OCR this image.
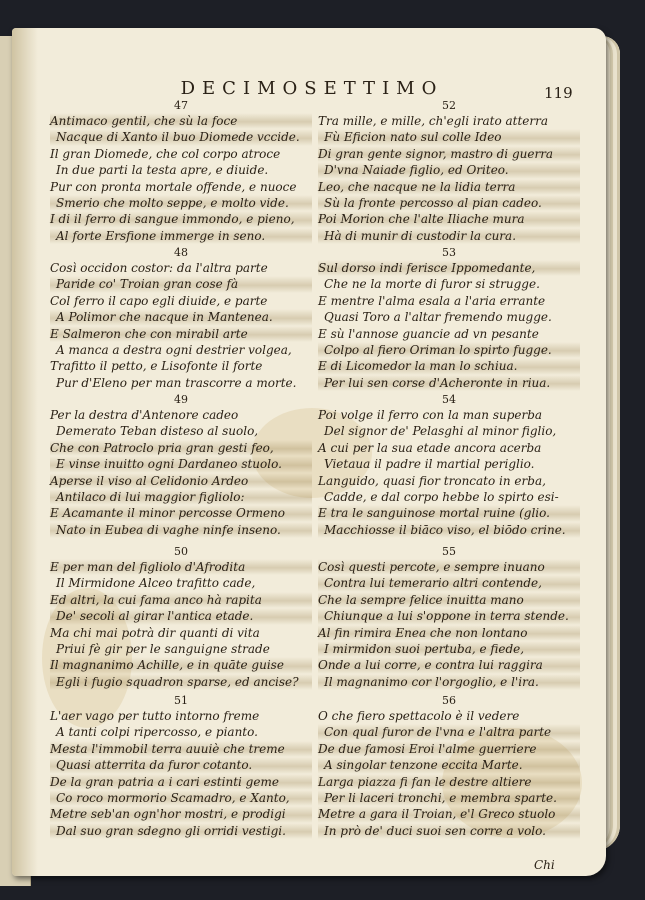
DECIMOSETTIMO	119
47
Antimaco gentil, che sù la foce
Nacque di Xanto il buo Diomede vccide.
Il gran Diomede, che col corpo atroce
In due parti la testa apre, e diuide.
Pur con pronta mortale offende, e nuoce
Smerio che molto seppe, e molto vide.
I di il ferro di sangue immondo, e pieno,
Al forte Ersfione immerge in seno.
48
Così occidon costor: da l'altra parte
Paride co' Troian gran cose fà
Col ferro il capo egli diuide, e parte
A Polimor che nacque in Mantenea.
E Salmeron che con mirabil arte
A manca a destra ogni destrier volgea,
Trafitto il petto, e Lisofonte il forte
Pur d'Eleno per man trascorre a morte.
49
Per la destra d'Antenore cadeo
Demerato Teban disteso al suolo,
Che con Patroclo pria gran gesti feo,
E vinse inuitto ogni Dardaneo stuolo.
Aperse il viso al Celidonio Ardeo
Antilaco di lui maggior figliolo:
E Acamante il minor percosse Ormeno
Nato in Eubea di vaghe ninfe inseno.
50
E per man del figliolo d'Afrodita
Il Mirmidone Alceo trafitto cade,
Ed altri, la cui fama anco hà rapita
De' secoli al girar l'antica etade.
Ma chi mai potrà dir quanti di vita
Priui fè gir per le sanguigne strade
Il magnanimo Achille, e in quāte guise
Egli i fugio squadron sparse, ed ancise?
51
L'aer vago per tutto intorno freme
A tanti colpi ripercosso, e pianto.
Mesta l'immobil terra auuiè che treme
Quasi atterrita da furor cotanto.
De la gran patria a i cari estinti geme
Co roco mormorio Scamadro, e Xanto,
Metre seb'an ogn'hor mostri, e prodigi
Dal suo gran sdegno gli orridi vestigi.
52
Tra mille, e mille, ch'egli irato atterra
Fù Eficion nato sul colle Ideo
Di gran gente signor, mastro di guerra
D'vna Naiade figlio, ed Oriteo.
Leo, che nacque ne la lidia terra
Sù la fronte percosso al pian cadeo.
Poi Morion che l'alte Iliache mura
Hà di munir di custodir la cura.
53
Sul dorso indi ferisce Ippomedante,
Che ne la morte di furor si strugge.
E mentre l'alma esala a l'aria errante
Quasi Toro a l'altar fremendo mugge.
E sù l'annose guancie ad vn pesante
Colpo al fiero Oriman lo spirto fugge.
E di Licomedor la man lo schiua.
Per lui sen corse d'Acheronte in riua.
54
Poi volge il ferro con la man superba
Del signor de' Pelasghi al minor figlio,
A cui per la sua etade ancora acerba
Vietaua il padre il martial periglio.
Languido, quasi fior troncato in erba,
Cadde, e dal corpo hebbe lo spirto esi-
E tra le sanguinose mortal ruine (glio.
Macchiosse il biāco viso, el biōdo crine.
55
Così questi percote, e sempre inuano
Contra lui temerario altri contende,
Che la sempre felice inuitta mano
Chiunque a lui s'oppone in terra stende.
Al fin rimira Enea che non lontano
I mirmidon suoi pertuba, e fiede,
Onde a lui corre, e contra lui raggira
Il magnanimo cor l'orgoglio, e l'ira.
56
O che fiero spettacolo è il vedere
Con qual furor de l'vna e l'altra parte
De due famosi Eroi l'alme guerriere
A singolar tenzone eccita Marte.
Larga piazza fi fan le destre altiere
Per li laceri tronchi, e membra sparte.
Metre a gara il Troian, e'l Greco stuolo
In prò de' duci suoi sen corre a volo.
Chi
